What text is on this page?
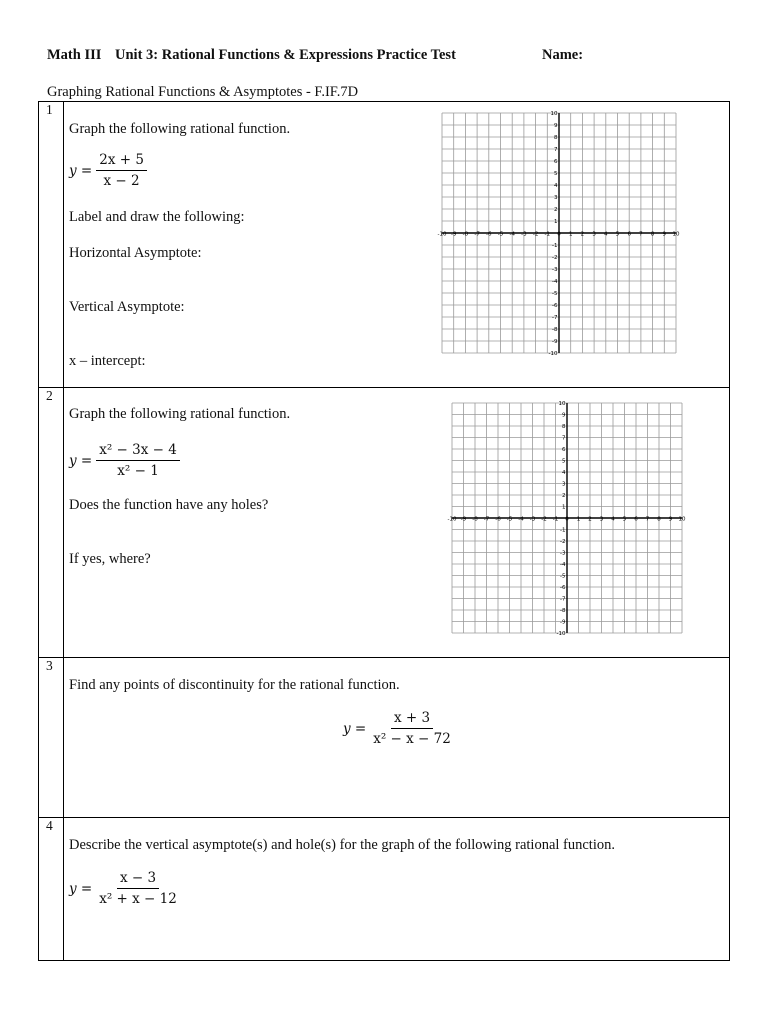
Math III Unit 3: Rational Functions & Expressions Practice Test	Name:
Graphing Rational Functions & Asymptotes - F.IF.7D
1
Graph the following rational function.
$y = \frac{2x + 5}{x - 2}$
Label and draw the following:
Horizontal Asymptote:
Vertical Asymptote:
x – intercept:
-10 -9 -8 -7 -6 -5 -4 -3 -2 -1 0 1 2 3 4 5 6 7 8 9 10
10
9
8
7
6
5
4
3
2
1
-1
-2
-3
-4
-5
-6
-7
-8
-9
-10
2
Graph the following rational function.
$y = \frac{\text{x² − 3x − 4}}{\text{x² − 1}}$
Does the function have any holes?
If yes, where?
-10 -9 -8 -7 -6 -5 -4 -3 -2 -1 0 1 2 3 4 5 6 7 8 9 10
10
9
8
7
6
5
4
3
2
1
-1
-2
-3
-4
-5
-6
-7
-8
-9
-10
3
Find any points of discontinuity for the rational function.
$y = \frac{x + 3}{\text{x² − x − 72}}$
4
Describe the vertical asymptote(s) and hole(s) for the graph of the following rational function.
$y = \frac{x - 3}{\text{x² + x − 12}}$
